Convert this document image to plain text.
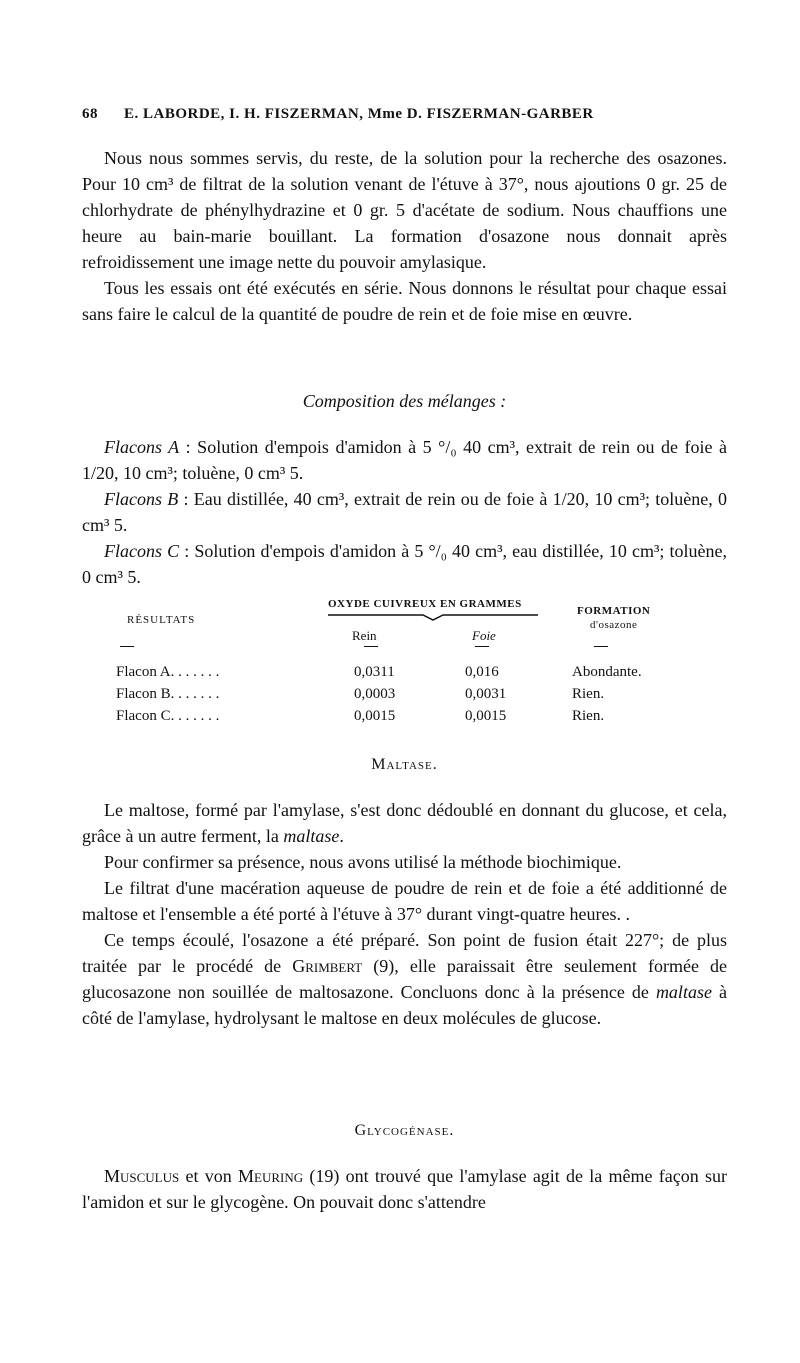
68 E. LABORDE, I. H. FISZERMAN, Mme D. FISZERMAN-GARBER

Nous nous sommes servis, du reste, de la solution pour la recherche des osazones. Pour 10 cm³ de filtrat de la solution venant de l'étuve à 37°, nous ajoutions 0 gr. 25 de chlorhydrate de phénylhydrazine et 0 gr. 5 d'acétate de sodium. Nous chauffions une heure au bain-marie bouillant. La formation d'osazone nous donnait après refroidissement une image nette du pouvoir amylasique.

Tous les essais ont été exécutés en série. Nous donnons le résultat pour chaque essai sans faire le calcul de la quantité de poudre de rein et de foie mise en œuvre.

Composition des mélanges :

Flacons A : Solution d'empois d'amidon à 5 °/₀ 40 cm³, extrait de rein ou de foie à 1/20, 10 cm³; toluène, 0 cm³ 5.

Flacons B : Eau distillée, 40 cm³, extrait de rein ou de foie à 1/20, 10 cm³; toluène, 0 cm³ 5.

Flacons C : Solution d'empois d'amidon à 5 °/₀ 40 cm³, eau distillée, 10 cm³; toluène, 0 cm³ 5.

RÉSULTATS
OXYDE CUIVREUX EN GRAMMES
Rein	Foie
FORMATION
d'osazone
Flacon A. . . . . . .	0,0311	0,016	Abondante.
Flacon B. . . . . . .	0,0003	0,0031	Rien.
Flacon C. . . . . . .	0,0015	0,0015	Rien.
Maltase.

Le maltose, formé par l'amylase, s'est donc dédoublé en donnant du glucose, et cela, grâce à un autre ferment, la maltase.

Pour confirmer sa présence, nous avons utilisé la méthode biochimique.

Le filtrat d'une macération aqueuse de poudre de rein et de foie a été additionné de maltose et l'ensemble a été porté à l'étuve à 37° durant vingt-quatre heures. .

Ce temps écoulé, l'osazone a été préparé. Son point de fusion était 227°; de plus traitée par le procédé de Grimbert (9), elle paraissait être seulement formée de glucosazone non souillée de maltosazone. Concluons donc à la présence de maltase à côté de l'amylase, hydrolysant le maltose en deux molécules de glucose.

Glycogénase.

Musculus et von Meuring (19) ont trouvé que l'amylase agit de la même façon sur l'amidon et sur le glycogène. On pouvait donc s'attendre
